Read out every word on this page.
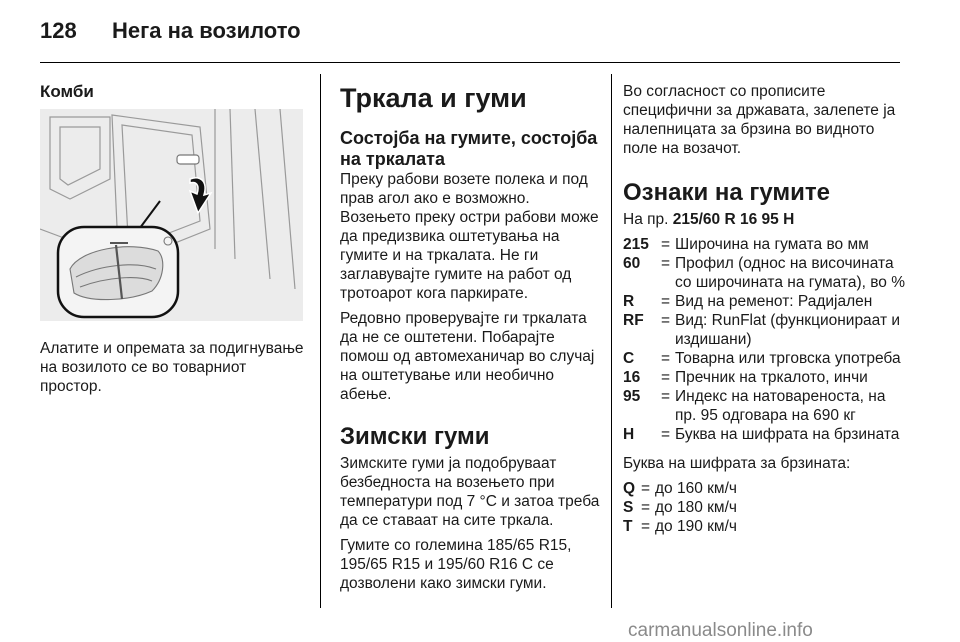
128 Нега на возилото
Комби

Алатите и опремата за подигнување на возилото се во товарниот простор.

Тркала и гуми
Состојба на гумите, состојба на тркалата

Преку рабови возете полека и под прав агол ако е возможно. Возењето преку остри рабови може да предизвика оштетувања на гумите и на тркалата. Не ги заглавувајте гумите на работ од тротоарот кога паркирате.

Редовно проверувајте ги тркалата да не се оштетени. Побарајте помош од автомеханичар во случај на оштетување или необично абење.

Зимски гуми

Зимските гуми ја подобруваат безбедноста на возењето при температури под 7 °C и затоа треба да се ставаат на сите тркала.

Гумите со големина 185/65 R15, 195/65 R15 и 195/60 R16 C се дозволени како зимски гуми.

Во согласност со прописите специфични за државата, залепете ја налепницата за брзина во видното поле на возачот.

Ознаки на гумите

На пр. 215/60 R 16 95 H

215 = Широчина на гумата во мм
60	= Профил (однос на височината со широчината на гумата), во %
R	= Вид на ременот: Радијален
RF	= Вид: RunFlat (функционираат и издишани)
C	= Товарна или трговска употреба
16	= Пречник на тркалото, инчи
95	= Индекс на натовареноста, на пр. 95 одговара на 690 кг
H	= Буква на шифрата на брзината

Буква на шифрата за брзината:

Q = до 160 км/ч
S = до 180 км/ч
T = до 190 км/ч
carmanualsonline.info
